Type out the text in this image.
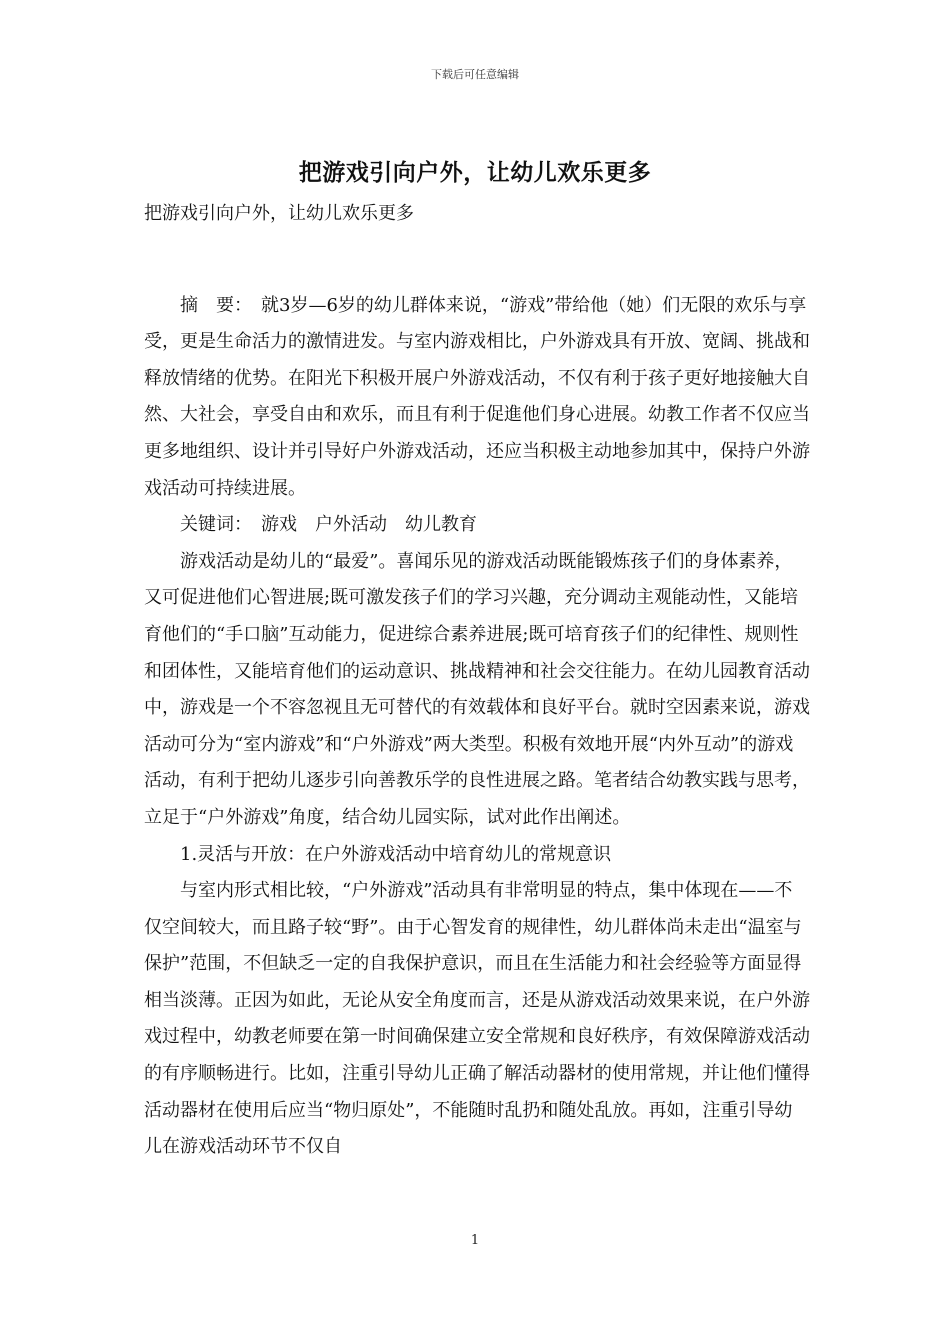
下载后可任意编辑
把游戏引向户外，让幼儿欢乐更多

把游戏引向户外，让幼儿欢乐更多

摘　要：　就3岁—6岁的幼儿群体来说，“游戏”带给他（她）们无限的欢乐与享受，更是生命活力的激情进发。与室内游戏相比，户外游戏具有开放、宽阔、挑战和释放情绪的优势。在阳光下积极开展户外游戏活动，不仅有利于孩子更好地接触大自然、大社会，享受自由和欢乐，而且有利于促進他们身心进展。幼教工作者不仅应当更多地组织、设计并引导好户外游戏活动，还应当积极主动地参加其中，保持户外游戏活动可持续进展。

关键词：　游戏　户外活动　幼儿教育

游戏活动是幼儿的“最爱”。喜闻乐见的游戏活动既能锻炼孩子们的身体素养，又可促进他们心智进展;既可激发孩子们的学习兴趣，充分调动主观能动性，又能培育他们的“手口脑”互动能力，促进综合素养进展;既可培育孩子们的纪律性、规则性和团体性，又能培育他们的运动意识、挑战精神和社会交往能力。在幼儿园教育活动中，游戏是一个不容忽视且无可替代的有效载体和良好平台。就时空因素来说，游戏活动可分为“室内游戏”和“户外游戏”两大类型。积极有效地开展“内外互动”的游戏活动，有利于把幼儿逐步引向善教乐学的良性进展之路。笔者结合幼教实践与思考，立足于“户外游戏”角度，结合幼儿园实际，试对此作出阐述。

1.灵活与开放：在户外游戏活动中培育幼儿的常规意识

与室内形式相比较，“户外游戏”活动具有非常明显的特点，集中体现在——不仅空间较大，而且路子较“野”。由于心智发育的规律性，幼儿群体尚未走出“温室与保护”范围，不但缺乏一定的自我保护意识，而且在生活能力和社会经验等方面显得相当淡薄。正因为如此，无论从安全角度而言，还是从游戏活动效果来说，在户外游戏过程中，幼教老师要在第一时间确保建立安全常规和良好秩序，有效保障游戏活动的有序顺畅进行。比如，注重引导幼儿正确了解活动器材的使用常规，并让他们懂得活动器材在使用后应当“物归原处”，不能随时乱扔和随处乱放。再如，注重引导幼儿在游戏活动环节不仅自

1
